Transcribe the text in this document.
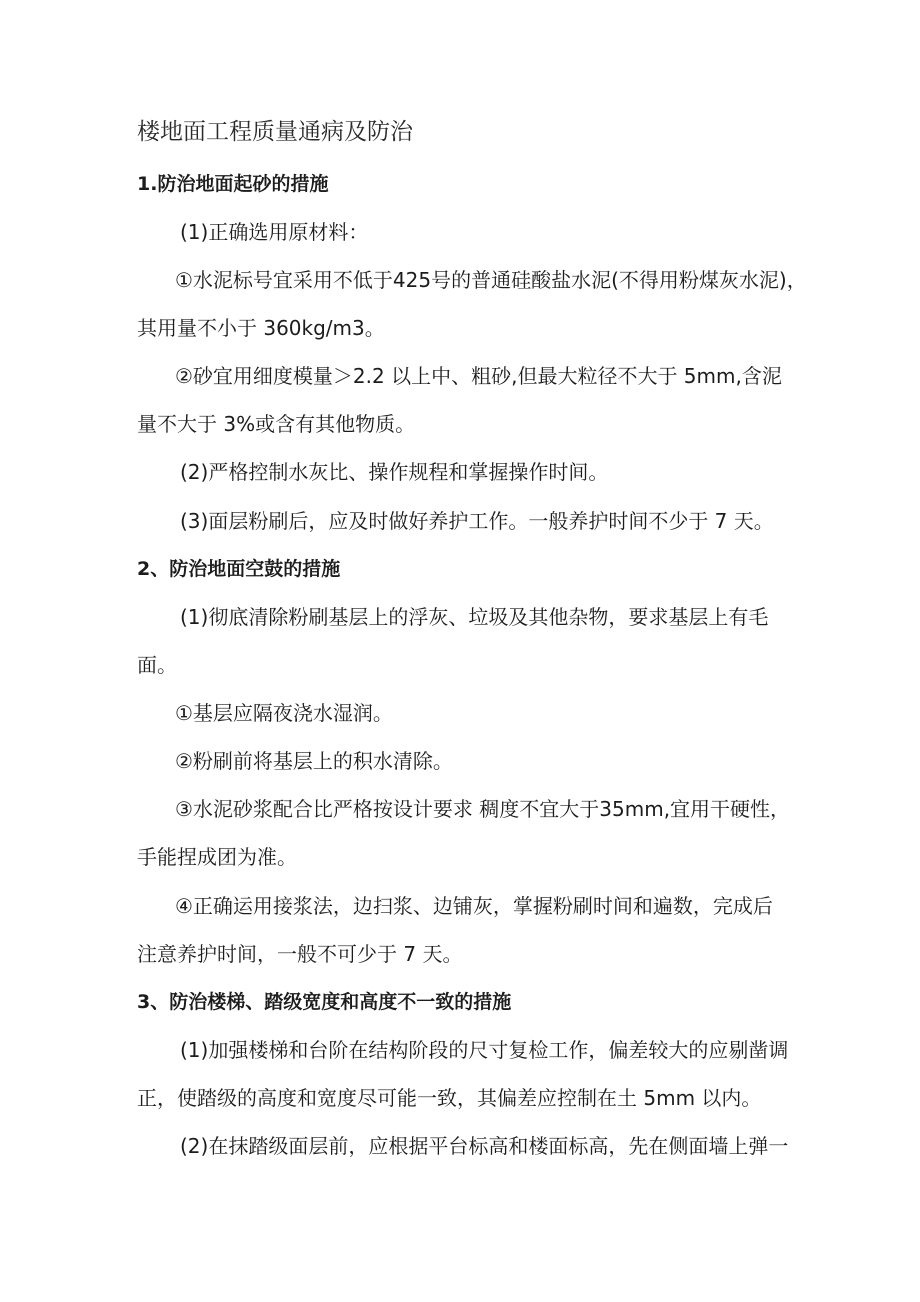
楼地面工程质量通病及防治
1.防治地面起砂的措施
(1)正确选用原材料：
①水泥标号宜采用不低于425号的普通硅酸盐水泥(不得用粉煤灰水泥)，
其用量不小于 360kg/m3。
②砂宜用细度模量＞2.2 以上中、粗砂,但最大粒径不大于 5mm,含泥
量不大于 3%或含有其他物质。
(2)严格控制水灰比、操作规程和掌握操作时间。
(3)面层粉刷后，应及时做好养护工作。一般养护时间不少于 7 天。
2、防治地面空鼓的措施
(1)彻底清除粉刷基层上的浮灰、垃圾及其他杂物，要求基层上有毛
面。
①基层应隔夜浇水湿润。
②粉刷前将基层上的积水清除。
③水泥砂浆配合比严格按设计要求 稠度不宜大于35mm,宜用干硬性，
手能捏成团为准。
④正确运用接浆法，边扫浆、边铺灰，掌握粉刷时间和遍数，完成后
注意养护时间，一般不可少于 7 天。
3、防治楼梯、踏级宽度和高度不一致的措施
(1)加强楼梯和台阶在结构阶段的尺寸复检工作，偏差较大的应剔凿调
正，使踏级的高度和宽度尽可能一致，其偏差应控制在土 5mm 以内。
(2)在抹踏级面层前，应根据平台标高和楼面标高，先在侧面墙上弹一
